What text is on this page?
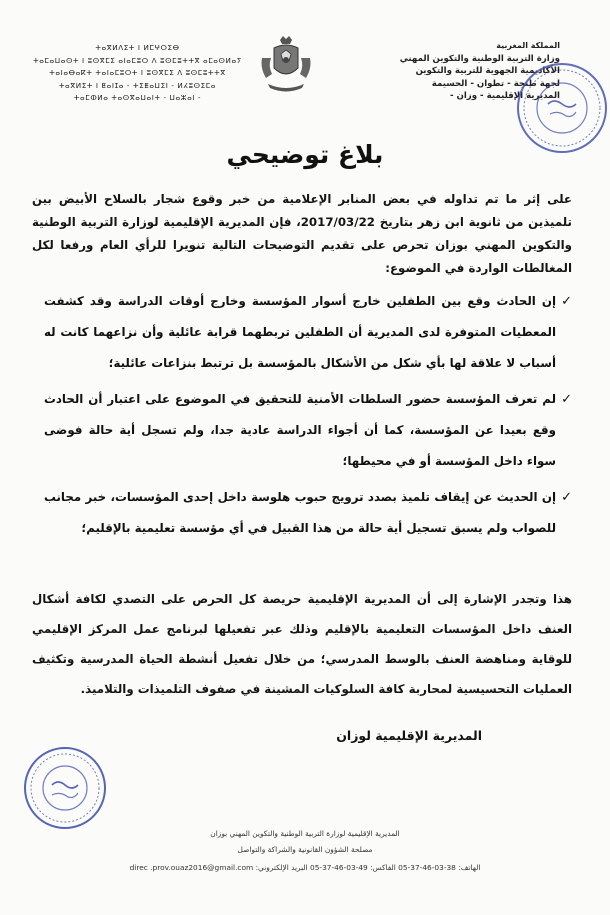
المملكة المغربية
وزارة التربية الوطنية والتكوين المهني
الأكاديمية الجهوية للتربية والتكوين
لجهة طنجة - تطوان - الحسيمة
المديرية الإقليمية - وزان -
ⵜⴰⴳⵍⴷⵉⵜ ⵏ ⵍⵎⵖⵔⵉⴱ
ⵜⴰⵎⴰⵡⴰⵙⵜ ⵏ ⵓⵙⴳⵎⵉ ⴰⵏⴰⵎⵓⵔ ⴷ ⵓⵙⵎⵓⵜⵜⴳ ⴰⵎⴰⵙⵍⴰⵢ
ⵜⴰⵏⴰⴱⴰⴽⵜ ⵜⴰⵏⴰⵎⵓⵔⵜ ⵏ ⵓⵙⴳⵎⵉ ⴷ ⵓⵙⵎⵓⵜⵜⴳ
ⵜⴰⴳⵍⵉⵜ ⵏ ⵟⴰⵏⵊⴰ - ⵜⵉⵟⴰⵡⵉⵏ - ⵍⵃⵓⵙⵉⵎⴰ
ⵜⴰⵎⵀⵍⴰ ⵜⴰⵙⴳⴰⵡⴰⵏⵜ - ⵡⴰⵣⴰⵏ -
بلاغ توضيحي
على إثر ما تم تداوله في بعض المنابر الإعلامية من خبر وقوع شجار بالسلاح الأبيض بين تلميذين من ثانوية ابن زهر بتاريخ 2017/03/22، فإن المديرية الإقليمية لوزارة التربية الوطنية والتكوين المهني بوزان تحرص على تقديم التوضيحات التالية تنويرا للرأي العام ورفعا لكل المغالطات الواردة في الموضوع:
✓
إن الحادث وقع بين الطفلين خارج أسوار المؤسسة وخارج أوقات الدراسة وقد كشفت المعطيات المتوفرة لدى المديرية أن الطفلين تربطهما قرابة عائلية وأن نزاعهما كانت له أسباب لا علاقة لها بأي شكل من الأشكال بالمؤسسة بل ترتبط بنزاعات عائلية؛
✓
لم تعرف المؤسسة حضور السلطات الأمنية للتحقيق في الموضوع على اعتبار أن الحادث وقع بعيدا عن المؤسسة، كما أن أجواء الدراسة عادية جدا، ولم تسجل أية حالة فوضى سواء داخل المؤسسة أو في محيطها؛
✓
إن الحديث عن إيقاف تلميذ بصدد ترويج حبوب هلوسة داخل إحدى المؤسسات، خبر مجانب للصواب ولم يسبق تسجيل أية حالة من هذا القبيل في أي مؤسسة تعليمية بالإقليم؛
هذا وتجدر الإشارة إلى أن المديرية الإقليمية حريصة كل الحرص على التصدي لكافة أشكال العنف داخل المؤسسات التعليمية بالإقليم وذلك عبر تفعيلها لبرنامج عمل المركز الإقليمي للوقاية ومناهضة العنف بالوسط المدرسي؛ من خلال تفعيل أنشطة الحياة المدرسية وتكثيف العمليات التحسيسية لمحاربة كافة السلوكيات المشينة في صفوف التلميذات والتلاميذ.
المديرية الإقليمية لوزان
المديرية الإقليمية لوزارة التربية الوطنية والتكوين المهني بوزان
مصلحة الشؤون القانونية والشراكة والتواصل
الهاتف: 38-03-46-37-05 الفاكس: 49-03-46-37-05 البريد الإلكتروني: direc .prov.ouaz2016@gmail.com
